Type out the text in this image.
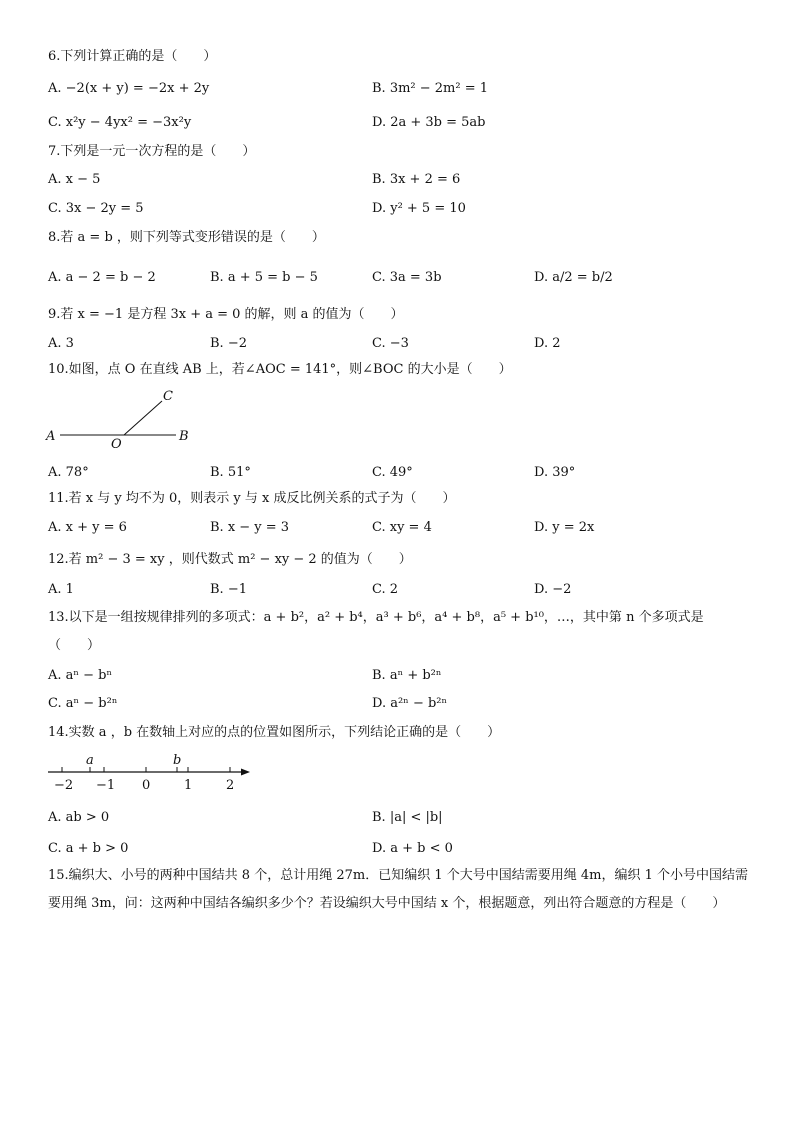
6.下列计算正确的是（　　）
A. −2(x + y) = −2x + 2y	B. 3m² − 2m² = 1
C. x²y − 4yx² = −3x²y	D. 2a + 3b = 5ab
7.下列是一元一次方程的是（　　）
A. x − 5	B. 3x + 2 = 6
C. 3x − 2y = 5	D. y² + 5 = 10
8.若 a = b ，则下列等式变形错误的是（　　）
A. a − 2 = b − 2	B. a + 5 = b − 5	C. 3a = 3b	D. a/2 = b/2
9.若 x = −1 是方程 3x + a = 0 的解，则 a 的值为（　　）
A. 3	B. −2	C. −3	D. 2
10.如图，点 O 在直线 AB 上，若∠AOC = 141°，则∠BOC 的大小是（　　）
A	B
C
O
A. 78°	B. 51°	C. 49°	D. 39°
11.若 x 与 y 均不为 0，则表示 y 与 x 成反比例关系的式子为（　　）
A. x + y = 6	B. x − y = 3	C. xy = 4	D. y = 2x
12.若 m² − 3 = xy ，则代数式 m² − xy − 2 的值为（　　）
A. 1	B. −1	C. 2	D. −2
13.以下是一组按规律排列的多项式：a + b²，a² + b⁴，a³ + b⁶，a⁴ + b⁸，a⁵ + b¹⁰，…，其中第 n 个多项式是
（　　）
A. aⁿ − bⁿ	B. aⁿ + b²ⁿ
C. aⁿ − b²ⁿ	D. a²ⁿ − b²ⁿ
14.实数 a ，b 在数轴上对应的点的位置如图所示，下列结论正确的是（　　）
a	b
−2 −1 0	1	2
A. ab > 0	B. |a| < |b|
C. a + b > 0	D. a + b < 0
15.编织大、小号的两种中国结共 8 个，总计用绳 27m．已知编织 1 个大号中国结需要用绳 4m，编织 1 个小号中国结需要用绳 3m，问：这两种中国结各编织多少个？若设编织大号中国结 x 个，根据题意，列出符合题意的方程是（　　）
